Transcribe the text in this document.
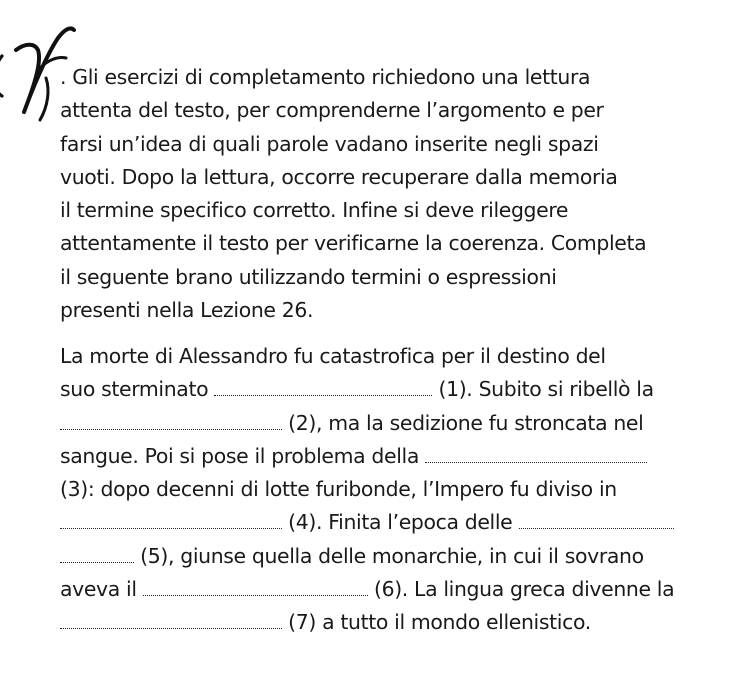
. Gli esercizi di completamento richiedono una lettura
attenta del testo, per comprenderne l’argomento e per
farsi un’idea di quali parole vadano inserite negli spazi
vuoti. Dopo la lettura, occorre recuperare dalla memoria
il termine specifico corretto. Infine si deve rileggere
attentamente il testo per verificarne la coerenza. Completa
il seguente brano utilizzando termini o espressioni
presenti nella Lezione 26.
La morte di Alessandro fu catastrofica per il destino del
suo sterminato	(1). Subito si ribellò la
(2), ma la sedizione fu stroncata nel
sangue. Poi si pose il problema della
(3): dopo decenni di lotte furibonde, l’Impero fu diviso in
(4). Finita l’epoca delle
(5), giunse quella delle monarchie, in cui il sovrano
aveva il	(6). La lingua greca divenne la
(7) a tutto il mondo ellenistico.
